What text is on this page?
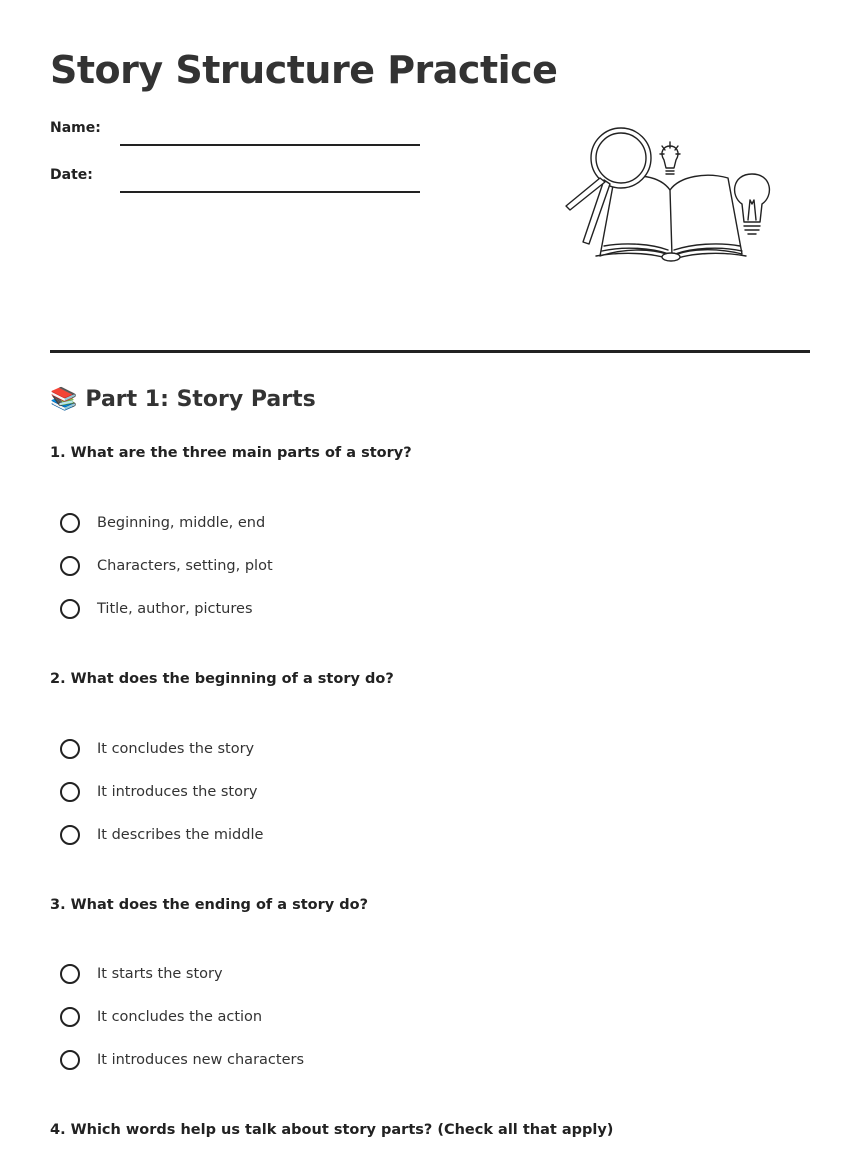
Story Structure Practice
Name:
Date:
📚 Part 1: Story Parts

1. What are the three main parts of a story?

Beginning, middle, end
Characters, setting, plot
Title, author, pictures

2. What does the beginning of a story do?

It concludes the story
It introduces the story
It describes the middle

3. What does the ending of a story do?

It starts the story
It concludes the action
It introduces new characters

4. Which words help us talk about story parts? (Check all that apply)
